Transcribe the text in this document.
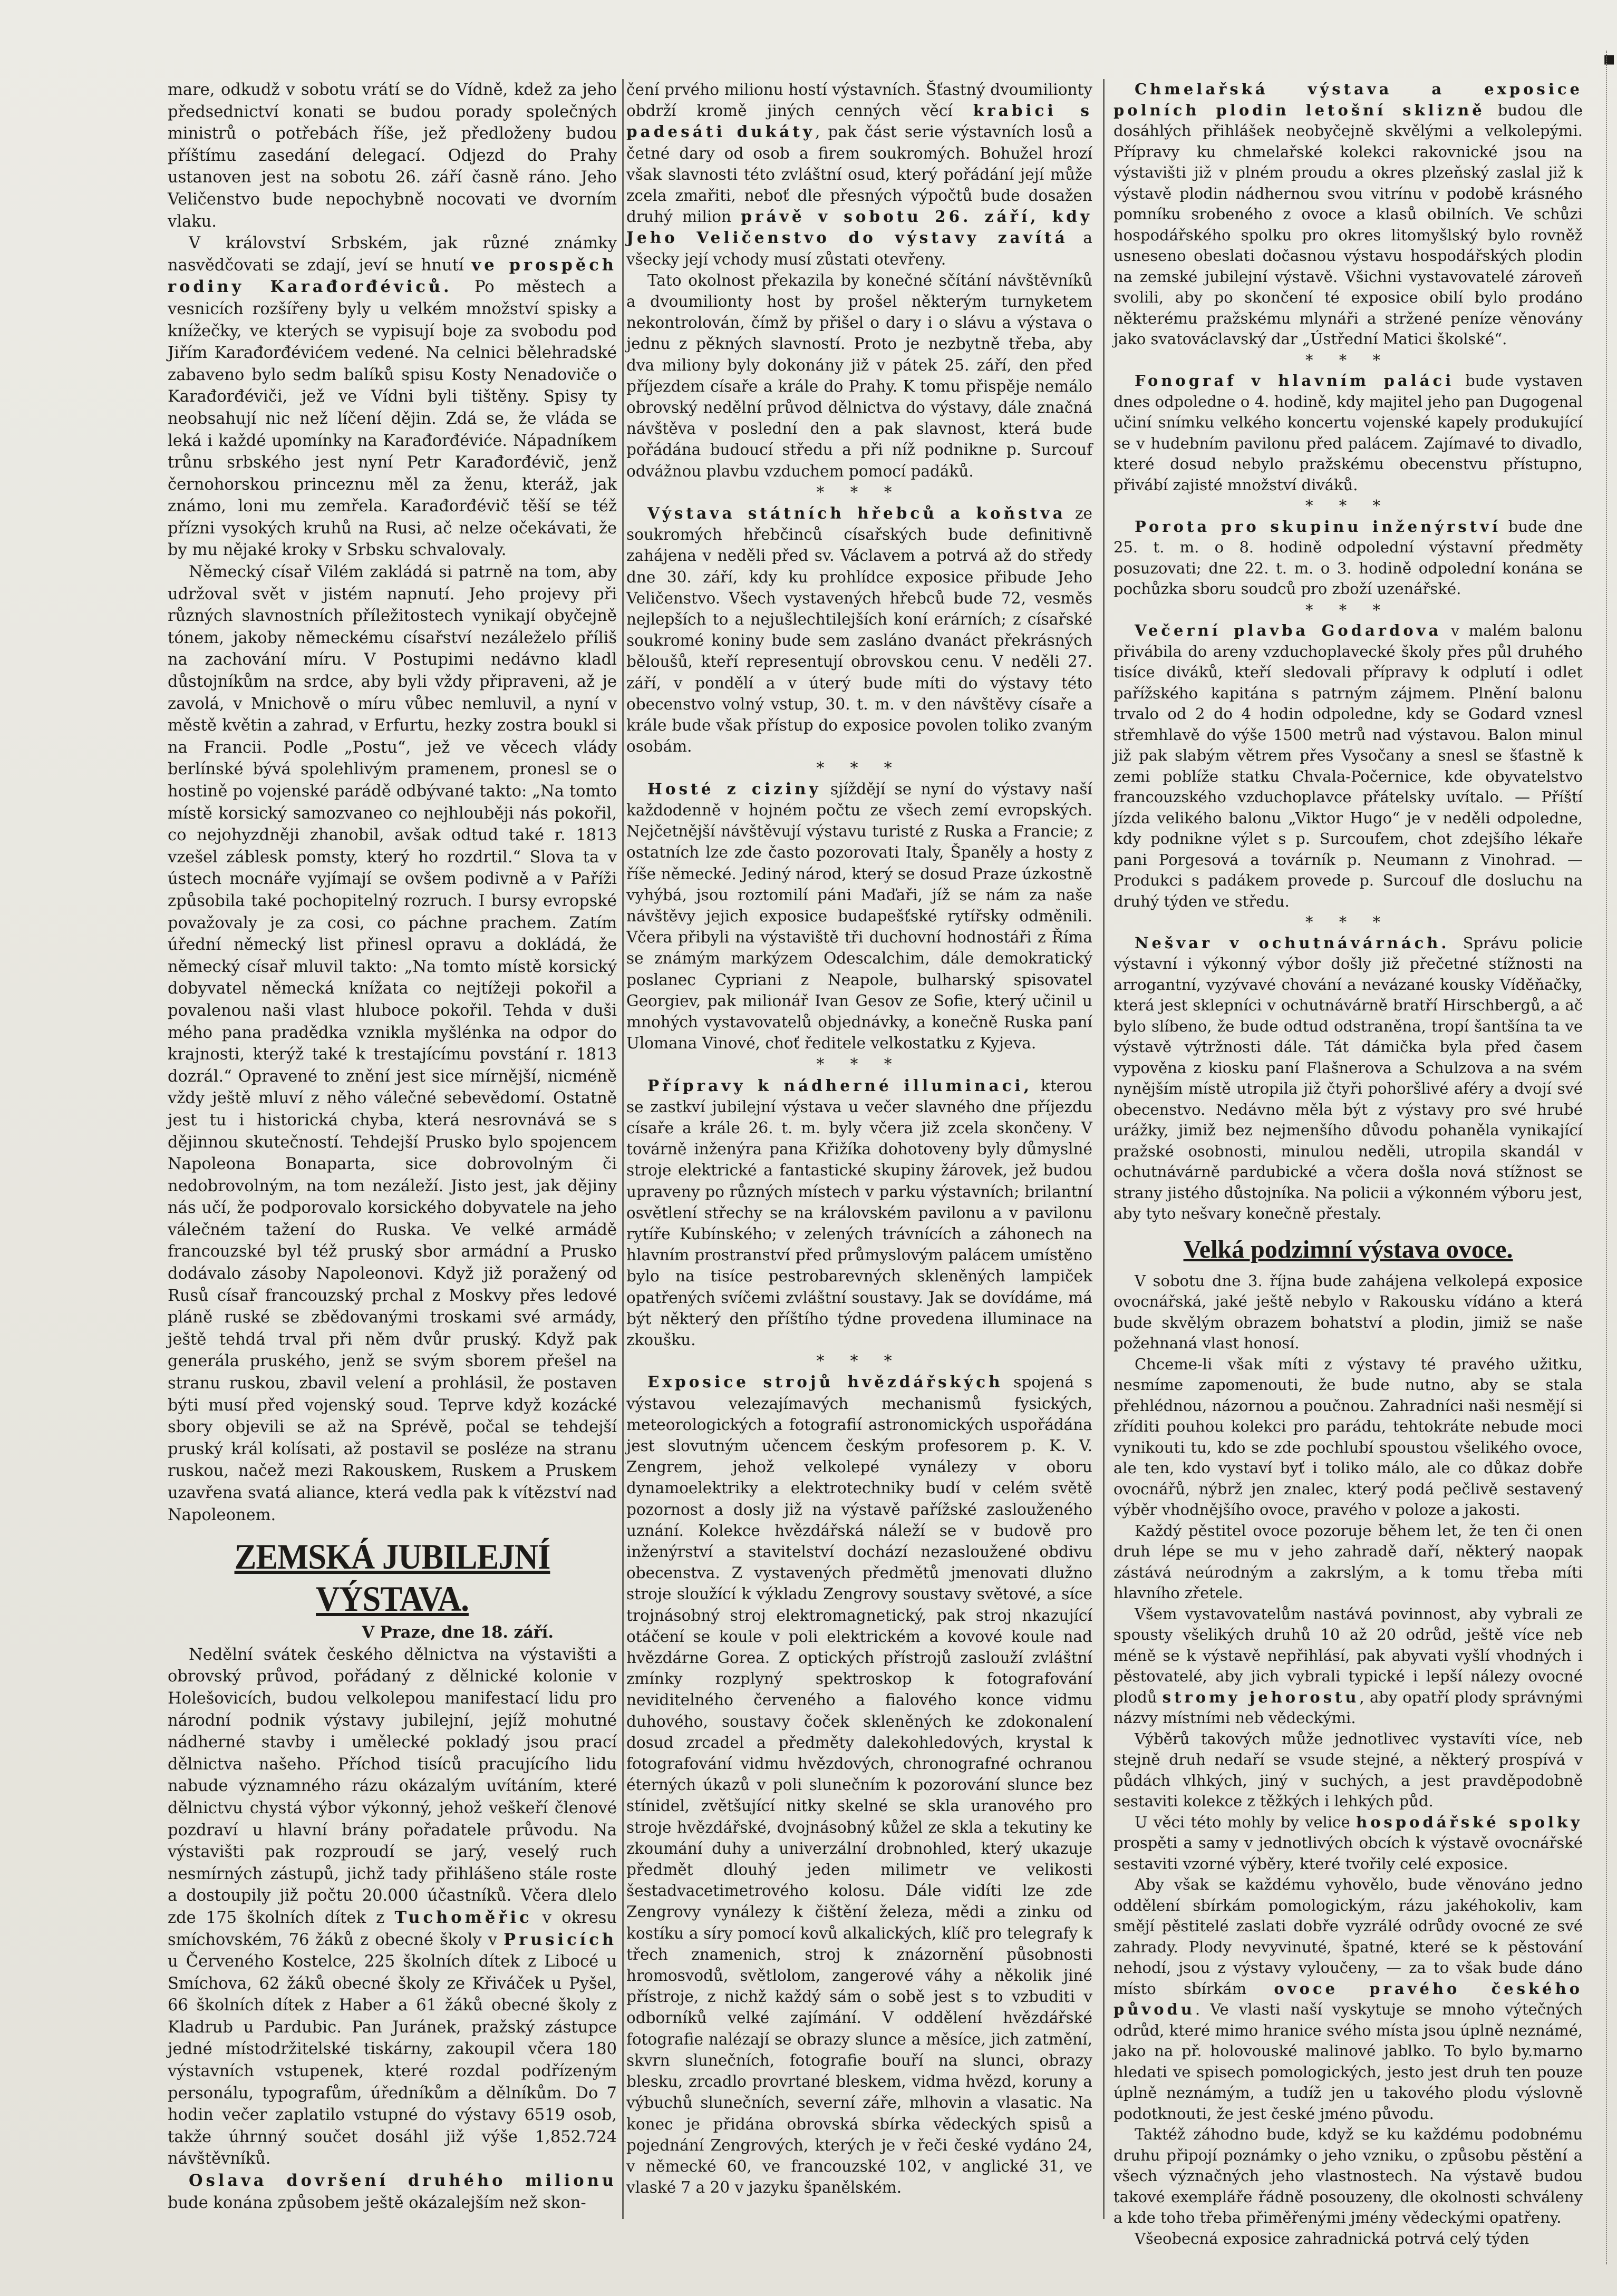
▪

mare, odkudž v sobotu vrátí se do Vídně, kdež za jeho předsednictví konati se budou porady společných ministrů o potřebách říše, jež předloženy budou příštímu zasedání delegací. Odjezd do Prahy ustanoven jest na sobotu 26. září časně ráno. Jeho Veličenstvo bude nepochybně nocovati ve dvorním vlaku.

V království Srbském, jak různé známky nasvědčovati se zdají, jeví se hnutí ve prospěch rodiny Karađorđéviců. Po městech a vesnicích rozšířeny byly u velkém množství spisky a knížečky, ve kterých se vypisují boje za svobodu pod Jiřím Karađorđévićem vedené. Na celnici bělehradské zabaveno bylo sedm balíků spisu Kosty Nenadoviče o Karađorđéviči, jež ve Vídni byli tištěny. Spisy ty neobsahují nic než líčení dějin. Zdá se, že vláda se leká i každé upomínky na Karađorđéviće. Nápadníkem trůnu srbského jest nyní Petr Karađorđévič, jenž černohorskou princeznu měl za ženu, kteráž, jak známo, loni mu zemřela. Karađorđévič těší se též přízni vysokých kruhů na Rusi, ač nelze očekávati, že by mu nějaké kroky v Srbsku schvalovaly.

Německý císař Vilém zakládá si patrně na tom, aby udržoval svět v jistém napnutí. Jeho projevy při různých slavnostních příležitostech vynikají obyčejně tónem, jakoby německému císařství nezáleželo příliš na zachování míru. V Postupimi nedávno kladl důstojníkům na srdce, aby byli vždy připraveni, až je zavolá, v Mnichově o míru vůbec nemluvil, a nyní v městě květin a zahrad, v Erfurtu, hezky zostra boukl si na Francii. Podle „Postu“, jež ve věcech vlády berlínské bývá spolehlivým pramenem, pronesl se o hostině po vojenské parádě odbývané takto: „Na tomto místě korsický samozvaneo co nejhlouběji nás pokořil, co nejohyzdněji zhanobil, avšak odtud také r. 1813 vzešel záblesk pomsty, který ho rozdrtil.“ Slova ta v ústech mocnáře vyjímají se ovšem podivně a v Paříži způsobila také pochopitelný rozruch. I bursy evropské považovaly je za cosi, co páchne prachem. Zatím úřední německý list přinesl opravu a dokládá, že německý císař mluvil takto: „Na tomto místě korsický dobyvatel německá knížata co nejtížeji pokořil a povalenou naši vlast hluboce pokořil. Tehda v duši mého pana pradědka vznikla myšlénka na odpor do krajnosti, kterýž také k trestajícímu povstání r. 1813 dozrál.“ Opravené to znění jest sice mírnější, nicméně vždy ještě mluví z něho válečné sebevědomí. Ostatně jest tu i historická chyba, která nesrovnává se s dějinnou skutečností. Tehdejší Prusko bylo spojencem Napoleona Bonaparta, sice dobrovolným či nedobrovolným, na tom nezáleží. Jisto jest, jak dějiny nás učí, že podporovalo korsického dobyvatele na jeho válečném tažení do Ruska. Ve velké armádě francouzské byl též pruský sbor armádní a Prusko dodávalo zásoby Napoleonovi. Když již poražený od Rusů císař francouzský prchal z Moskvy přes ledové pláně ruské se zbědovanými troskami své armády, ještě tehdá trval při něm dvůr pruský. Když pak generála pruského, jenž se svým sborem přešel na stranu ruskou, zbavil velení a prohlásil, že postaven býti musí před vojenský soud. Teprve když kozácké sbory objevili se až na Sprévě, počal se tehdejší pruský král kolísati, až postavil se posléze na stranu ruskou, načež mezi Rakouskem, Ruskem a Pruskem uzavřena svatá aliance, která vedla pak k vítězství nad Napoleonem.

ZEMSKÁ JUBILEJNÍ VÝSTAVA.

V Praze, dne 18. září.

Nedělní svátek českého dělnictva na výstavišti a obrovský průvod, pořádaný z dělnické kolonie v Holešovicích, budou velkolepou manifestací lidu pro národní podnik výstavy jubilejní, jejíž mohutné nádherné stavby i umělecké pokladý jsou prací dělnictva našeho. Příchod tisíců pracujícího lidu nabude významného rázu okázalým uvítáním, které dělnictvu chystá výbor výkonný, jehož veškeří členové pozdraví u hlavní brány pořadatele průvodu. Na výstavišti pak rozproudí se jarý, veselý ruch nesmírných zástupů, jichž tady přihlášeno stále roste a dostoupily již počtu 20.000 účastníků. Včera dlelo zde 175 školních dítek z Tuchoměřic v okresu smíchovském, 76 žáků z obecné školy v Prusicích u Červeného Kostelce, 225 školních dítek z Libocé u Smíchova, 62 žáků obecné školy ze Křiváček u Pyšel, 66 školních dítek z Haber a 61 žáků obecné školy z Kladrub u Pardubic. Pan Juránek, pražský zástupce jedné místodržitelské tiskárny, zakoupil včera 180 výstavních vstupenek, které rozdal podřízeným personálu, typografům, úředníkům a dělníkům. Do 7 hodin večer zaplatilo vstupné do výstavy 6519 osob, takže úhrnný součet dosáhl již výše 1,852.724 návštěvníků.

Oslava dovršení druhého milionu bude konána způsobem ještě okázalejším než skon-

čení prvého milionu hostí výstavních. Šťastný dvoumilionty obdrží kromě jiných cenných věcí krabici s padesáti dukáty, pak část serie výstavních losů a četné dary od osob a firem soukromých. Bohužel hrozí však slavnosti této zvláštní osud, který pořádání její může zcela zmařiti, neboť dle přesných výpočtů bude dosažen druhý milion právě v sobotu 26. září, kdy Jeho Veličenstvo do výstavy zavítá a všecky její vchody musí zůstati otevřeny.

Tato okolnost překazila by konečné sčítání návštěvníků a dvoumilionty host by prošel některým turnyketem nekontrolován, čímž by přišel o dary i o slávu a výstava o jednu z pěkných slavností. Proto je nezbytně třeba, aby dva miliony byly dokonány již v pátek 25. září, den před příjezdem císaře a krále do Prahy. K tomu přispěje nemálo obrovský nedělní průvod dělnictva do výstavy, dále značná návštěva v poslední den a pak slavnost, která bude pořádána budoucí středu a při níž podnikne p. Surcouf odvážnou plavbu vzduchem pomocí padáků.

* * *

Výstava státních hřebců a koňstva ze soukromých hřebčinců císařských bude definitivně zahájena v neděli před sv. Václavem a potrvá až do středy dne 30. září, kdy ku prohlídce exposice přibude Jeho Veličenstvo. Všech vystavených hřebců bude 72, vesměs nejlepších to a nejušlechtilejších koní erárních; z císařské soukromé koniny bude sem zasláno dvanáct překrásných běloušů, kteří representují obrovskou cenu. V neděli 27. září, v pondělí a v úterý bude míti do výstavy této obecenstvo volný vstup, 30. t. m. v den návštěvy císaře a krále bude však přístup do exposice povolen toliko zvaným osobám.

* * *

Hosté z ciziny sjíždějí se nyní do výstavy naší každodenně v hojném počtu ze všech zemí evropských. Nejčetnější návštěvují výstavu turisté z Ruska a Francie; z ostatních lze zde často pozorovati Italy, Španěly a hosty z říše německé. Jediný národ, který se dosud Praze úzkostně vyhýbá, jsou roztomilí páni Maďaři, jíž se nám za naše návštěvy jejich exposice budapešťské rytířsky odměnili. Včera přibyli na výstaviště tři duchovní hodnostáři z Říma se známým markýzem Odescalchim, dále demokratický poslanec Cypriani z Neapole, bulharský spisovatel Georgiev, pak milionář Ivan Gesov ze Sofie, který učinil u mnohých vystavovatelů objednávky, a konečně Ruska paní Ulomana Vinové, choť ředitele velkostatku z Kyjeva.

* * *

Přípravy k nádherné illuminaci, kterou se zastkví jubilejní výstava u večer slavného dne příjezdu císaře a krále 26. t. m. byly včera již zcela skončeny. V továrně inženýra pana Křižíka dohotoveny byly důmyslné stroje elektrické a fantastické skupiny žárovek, jež budou upraveny po různých místech v parku výstavních; brilantní osvětlení střechy se na královském pavilonu a v pavilonu rytíře Kubínského; v zelených trávnících a záhonech na hlavním prostranství před průmyslovým palácem umístěno bylo na tisíce pestrobarevných skleněných lampiček opatřených svíčemi zvláštní soustavy. Jak se dovídáme, má být některý den příštího týdne provedena illuminace na zkoušku.

* * *

Exposice strojů hvězdářských spojená s výstavou velezajímavých mechanismů fysických, meteorologických a fotografií astronomických uspořádána jest slovutným učencem českým profesorem p. K. V. Zengrem, jehož velkolepé vynálezy v oboru dynamoelektriky a elektrotechniky budí v celém světě pozornost a dosly již na výstavě pařížské zaslouženého uznání. Kolekce hvězdářská náleží se v budově pro inženýrství a stavitelství dochází nezasloužené obdivu obecenstva. Z vystavených předmětů jmenovati dlužno stroje sloužící k výkladu Zengrovy soustavy světové, a síce trojnásobný stroj elektromagnetický, pak stroj nkazující otáčení se koule v poli elektrickém a kovové koule nad hvězdárne Gorea. Z optických přístrojů zaslouží zvláštní zmínky rozplyný spektroskop k fotografování neviditelného červeného a fialového konce vidmu duhového, soustavy čoček skleněných ke zdokonalení dosud zrcadel a předměty dalekohledových, krystal k fotografování vidmu hvězdových, chronografné ochranou éterných úkazů v poli slunečním k pozorování slunce bez stínidel, zvětšující nitky skelné se skla uranového pro stroje hvězdářské, dvojnásobný kůžel ze skla a tekutiny ke zkoumání duhy a univerzální drobnohled, který ukazuje předmět dlouhý jeden milimetr ve velikosti šestadvacetimetrového kolosu. Dále vidíti lze zde Zengrovy vynálezy k čištění železa, mědi a zinku od kostíku a síry pomocí kovů alkalických, klíč pro telegrafy k třech znamenich, stroj k znázornění působnosti hromosvodů, světlolom, zangerové váhy a několik jiné přístroje, z nichž každý sám o sobě jest s to vzbuditi v odborníků velké zajímání. V oddělení hvězdářské fotografie nalézají se obrazy slunce a měsíce, jich zatmění, skvrn slunečních, fotografie bouří na slunci, obrazy blesku, zrcadlo provrtané bleskem, vidma hvězd, koruny a výbuchů slunečních, severní záře, mlhovin a vlasatic. Na konec je přidána obrovská sbírka vědeckých spisů a pojednání Zengrových, kterých je v řeči české vydáno 24, v německé 60, ve francouzské 102, v anglické 31, ve vlaské 7 a 20 v jazyku španělském.

Chmelařská výstava a exposice polních plodin letošní sklizně budou dle dosáhlých přihlášek neobyčejně skvělými a velkolepými. Přípravy ku chmelařské kolekci rakovnické jsou na výstavišti již v plném proudu a okres plzeňský zaslal již k výstavě plodin nádhernou svou vitrínu v podobě krásného pomníku srobeného z ovoce a klasů obilních. Ve schůzi hospodářského spolku pro okres litomyšlský bylo rovněž usneseno obeslati dočasnou výstavu hospodářských plodin na zemské jubilejní výstavě. Všichni vystavovatelé zároveň svolili, aby po skončení té exposice obilí bylo prodáno některému pražskému mlynáři a stržené peníze věnovány jako svatováclavský dar „Ústřední Matici školské“.

* * *

Fonograf v hlavním paláci bude vystaven dnes odpoledne o 4. hodině, kdy majitel jeho pan Dugogenal učiní snímku velkého koncertu vojenské kapely produkující se v hudebním pavilonu před palácem. Zajímavé to divadlo, které dosud nebylo pražskému obecenstvu přístupno, přivábí zajisté množství diváků.

* * *

Porota pro skupinu inženýrství bude dne 25. t. m. o 8. hodině odpolední výstavní předměty posuzovati; dne 22. t. m. o 3. hodině odpolední konána se pochůzka sboru soudců pro zboží uzenářské.

* * *

Večerní plavba Godardova v malém balonu přivábila do areny vzduchoplavecké školy přes půl druhého tisíce diváků, kteří sledovali přípravy k odplutí i odlet pařížského kapitána s patrným zájmem. Plnění balonu trvalo od 2 do 4 hodin odpoledne, kdy se Godard vznesl střemhlavě do výše 1500 metrů nad výstavou. Balon minul již pak slabým větrem přes Vysočany a snesl se šťastně k zemi poblíže statku Chvala-Počernice, kde obyvatelstvo francouzského vzduchoplavce přátelsky uvítalo. — Příští jízda velikého balonu „Viktor Hugo“ je v neděli odpoledne, kdy podnikne výlet s p. Surcoufem, chot zdejšího lékaře pani Porgesová a továrník p. Neumann z Vinohrad. — Produkci s padákem provede p. Surcouf dle dosluchu na druhý týden ve středu.

* * *

Nešvar v ochutnávárnách. Správu policie výstavní i výkonný výbor došly již přečetné stížnosti na arrogantní, vyzývavé chování a nevázané kousky Víděňačky, která jest sklepníci v ochutnávárně bratří Hirschbergů, a ač bylo slíbeno, že bude odtud odstraněna, tropí šantšína ta ve výstavě výtržnosti dále. Tát dámička byla před časem vypověna z kiosku paní Flašnerova a Schulzova a na svém nynějším místě utropila již čtyři pohoršlivé aféry a dvojí své obecenstvo. Nedávno měla být z výstavy pro své hrubé urážky, jimiž bez nejmenšího důvodu pohaněla vynikající pražské osobnosti, minulou neděli, utropila skandál v ochutnávárně pardubické a včera došla nová stížnost se strany jistého důstojníka. Na policii a výkonném výboru jest, aby tyto nešvary konečně přestaly.

Velká podzimní výstava ovoce.

V sobotu dne 3. října bude zahájena velkolepá exposice ovocnářská, jaké ještě nebylo v Rakousku vídáno a která bude skvělým obrazem bohatství a plodin, jimiž se naše požehnaná vlast honosí.

Chceme-li však míti z výstavy té pravého užitku, nesmíme zapomenouti, že bude nutno, aby se stala přehlédnou, názornou a poučnou. Zahradníci naši nesmějí si zříditi pouhou kolekci pro parádu, tehtokráte nebude moci vynikouti tu, kdo se zde pochlubí spoustou všelikého ovoce, ale ten, kdo vystaví byť i toliko málo, ale co důkaz dobře ovocnářů, nýbrž jen znalec, který podá pečlivě sestavený výběr vhodnějšího ovoce, pravého v poloze a jakosti.

Každý pěstitel ovoce pozoruje během let, že ten či onen druh lépe se mu v jeho zahradě daří, některý naopak zástává neúrodným a zakrslým, a k tomu třeba míti hlavního zřetele.

Všem vystavovatelům nastává povinnost, aby vybrali ze spousty všelikých druhů 10 až 20 odrůd, ještě více neb méně se k výstavě nepřihlásí, pak abyvati vyšlí vhodných i pěstovatelé, aby jich vybrali typické i lepší nálezy ovocné plodů stromy jehorostu, aby opatří plody správnými názvy místními neb vědeckými.

Výběrů takových může jednotlivec vystavíti více, neb stejně druh nedaří se vsude stejné, a některý prospívá v půdách vlhkých, jiný v suchých, a jest pravděpodobně sestaviti kolekce z těžkých i lehkých půd.

U věci této mohly by velice hospodářské spolky prospěti a samy v jednotlivých obcích k výstavě ovocnářské sestaviti vzorné výběry, které tvořily celé exposice.

Aby však se každému vyhovělo, bude věnováno jedno oddělení sbírkám pomologickým, rázu jakéhokoliv, kam smějí pěstitelé zaslati dobře vyzrálé odrůdy ovocné ze své zahrady. Plody nevyvinuté, špatné, které se k pěstování nehodí, jsou z výstavy vyloučeny, — za to však bude dáno místo sbírkám ovoce pravého českého původu. Ve vlasti naší vyskytuje se mnoho výtečných odrůd, které mimo hranice svého místa jsou úplně neznámé, jako na př. holovouské malinové jablko. To bylo by.marno hledati ve spisech pomologických, jesto jest druh ten pouze úplně neznámým, a tudíž jen u takového plodu výslovně podotknouti, že jest české jméno původu.

Taktéž záhodno bude, když se ku každému podobnému druhu připojí poznámky o jeho vzniku, o způsobu pěstění a všech význačných jeho vlastnostech. Na výstavě budou takové exempláře řádně posouzeny, dle okolnosti schváleny a kde toho třeba přiměřenými jmény vědeckými opatřeny.

Všeobecná exposice zahradnická potrvá celý týden
